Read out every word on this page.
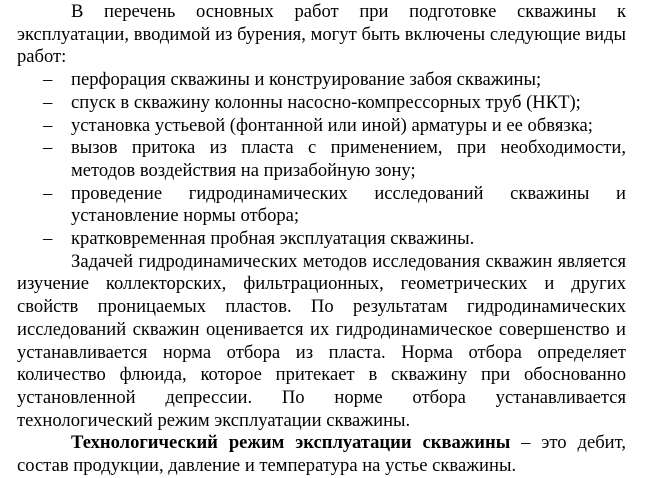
В перечень основных работ при подготовке скважины к эксплуатации, вводимой из бурения, могут быть включены следующие виды работ:

– перфорация скважины и конструирование забоя скважины;
– спуск в скважину колонны насосно-компрессорных труб (НКТ);
– установка устьевой (фонтанной или иной) арматуры и ее обвязка;
– вызов притока из пласта с применением, при необходимости, методов воздействия на призабойную зону;
– проведение гидродинамических исследований скважины и установление нормы отбора;
– кратковременная пробная эксплуатация скважины.

Задачей гидродинамических методов исследования скважин является изучение коллекторских, фильтрационных, геометрических и других свойств проницаемых пластов. По результатам гидродинамических исследований скважин оценивается их гидродинамическое совершенство и устанавливается норма отбора из пласта. Норма отбора определяет количество флюида, которое притекает в скважину при обоснованно установленной депрессии. По норме отбора устанавливается технологический режим эксплуатации скважины.

Технологический режим эксплуатации скважины – это дебит, состав продукции, давление и температура на устье скважины.
